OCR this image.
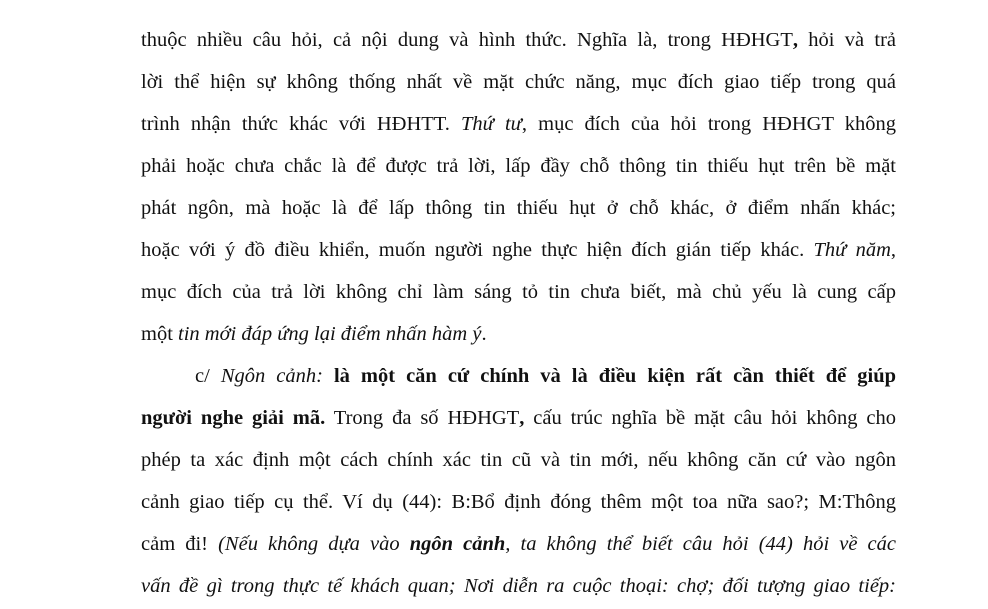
thuộc nhiều câu hỏi, cả nội dung và hình thức. Nghĩa là, trong HĐHGT, hỏi và trả
lời thể hiện sự không thống nhất về mặt chức năng, mục đích giao tiếp trong quá
trình nhận thức khác với HĐHTT. Thứ tư, mục đích của hỏi trong HĐHGT không
phải hoặc chưa chắc là để được trả lời, lấp đầy chỗ thông tin thiếu hụt trên bề mặt
phát ngôn, mà hoặc là để lấp thông tin thiếu hụt ở chỗ khác, ở điểm nhấn khác;
hoặc với ý đồ điều khiển, muốn người nghe thực hiện đích gián tiếp khác. Thứ năm,
mục đích của trả lời không chỉ làm sáng tỏ tin chưa biết, mà chủ yếu là cung cấp
một tin mới đáp ứng lại điểm nhấn hàm ý.
c/ Ngôn cảnh: là một căn cứ chính và là điều kiện rất cần thiết để giúp
người nghe giải mã. Trong đa số HĐHGT, cấu trúc nghĩa bề mặt câu hỏi không cho
phép ta xác định một cách chính xác tin cũ và tin mới, nếu không căn cứ vào ngôn
cảnh giao tiếp cụ thể. Ví dụ (44): B:Bổ định đóng thêm một toa nữa sao?; M:Thông
cảm đi! (Nếu không dựa vào ngôn cảnh, ta không thể biết câu hỏi (44) hỏi về các
vấn đề gì trong thực tế khách quan; Nơi diễn ra cuộc thoại: chợ; đối tượng giao tiếp:
